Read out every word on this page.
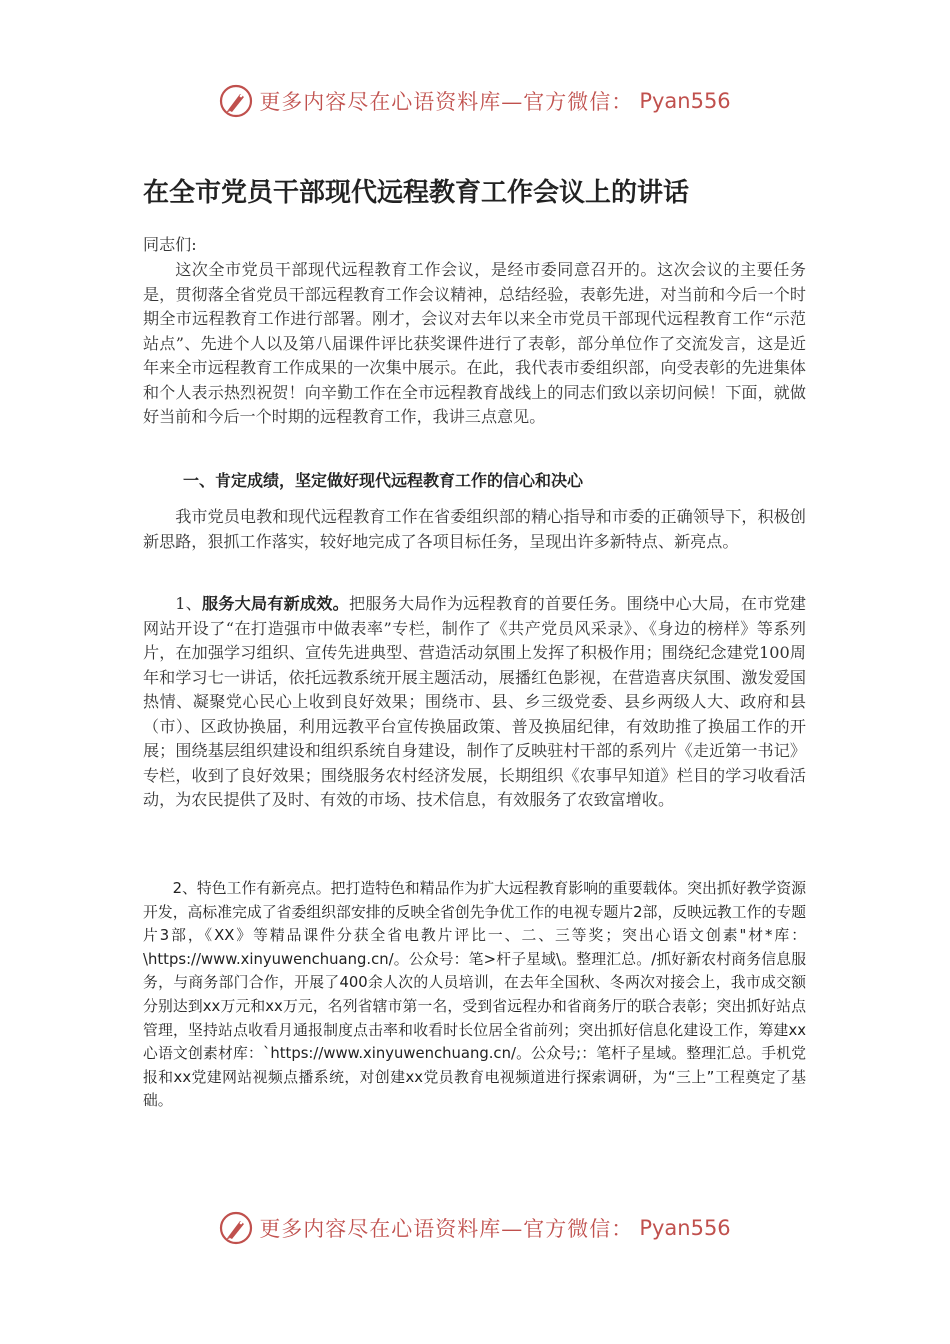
更多内容尽在心语资料库—官方微信： Pyan556
在全市党员干部现代远程教育工作会议上的讲话

同志们:

这次全市党员干部现代远程教育工作会议，是经市委同意召开的。这次会议的主要任务是，贯彻落全省党员干部远程教育工作会议精神，总结经验，表彰先进，对当前和今后一个时期全市远程教育工作进行部署。刚才，会议对去年以来全市党员干部现代远程教育工作“示范站点”、先进个人以及第八届课件评比获奖课件进行了表彰，部分单位作了交流发言，这是近年来全市远程教育工作成果的一次集中展示。在此，我代表市委组织部，向受表彰的先进集体和个人表示热烈祝贺！向辛勤工作在全市远程教育战线上的同志们致以亲切问候！下面，就做好当前和今后一个时期的远程教育工作，我讲三点意见。

一、肯定成绩，坚定做好现代远程教育工作的信心和决心

我市党员电教和现代远程教育工作在省委组织部的精心指导和市委的正确领导下，积极创新思路，狠抓工作落实，较好地完成了各项目标任务，呈现出许多新特点、新亮点。

1、服务大局有新成效。把服务大局作为远程教育的首要任务。围绕中心大局，在市党建网站开设了“在打造强市中做表率”专栏，制作了《共产党员风采录》、《身边的榜样》等系列片，在加强学习组织、宣传先进典型、营造活动氛围上发挥了积极作用；围绕纪念建党100周年和学习七一讲话，依托远教系统开展主题活动，展播红色影视，在营造喜庆氛围、激发爱国热情、凝聚党心民心上收到良好效果；围绕市、县、乡三级党委、县乡两级人大、政府和县（市）、区政协换届，利用远教平台宣传换届政策、普及换届纪律，有效助推了换届工作的开展；围绕基层组织建设和组织系统自身建设，制作了反映驻村干部的系列片《走近第一书记》专栏，收到了良好效果；围绕服务农村经济发展，长期组织《农事早知道》栏目的学习收看活动，为农民提供了及时、有效的市场、技术信息，有效服务了农致富增收。

2、特色工作有新亮点。把打造特色和精品作为扩大远程教育影响的重要载体。突出抓好教学资源开发，高标准完成了省委组织部安排的反映全省创先争优工作的电视专题片2部，反映远教工作的专题片3部，《XX》等精品课件分获全省电教片评比一、二、三等奖；突出心语文创素"材*库：\https://www.xinyuwenchuang.cn/。公众号：笔>杆子星域\。整理汇总。/抓好新农村商务信息服务，与商务部门合作，开展了400余人次的人员培训，在去年全国秋、冬两次对接会上，我市成交额分别达到xx万元和xx万元，名列省辖市第一名，受到省远程办和省商务厅的联合表彰；突出抓好站点管理，坚持站点收看月通报制度点击率和收看时长位居全省前列；突出抓好信息化建设工作，筹建xx心语文创素材库：`https://www.xinyuwenchuang.cn/。公众号;：笔杆子星域。整理汇总。手机党报和xx党建网站视频点播系统，对创建xx党员教育电视频道进行探索调研，为“三上”工程奠定了基础。

更多内容尽在心语资料库—官方微信： Pyan556
